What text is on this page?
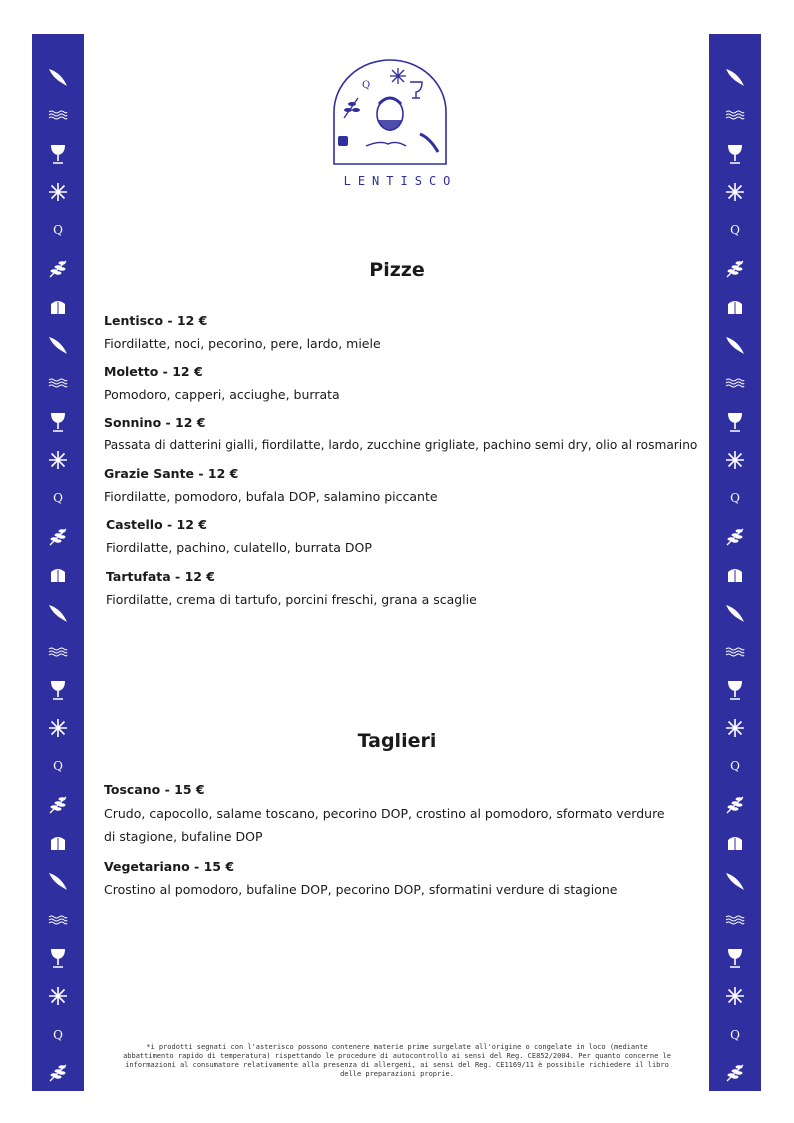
Q
Q
Q
Q
Q
Q
Q
Q
Q
LENTISCO
Pizze
Lentisco - 12 €
Fiordilatte, noci, pecorino, pere, lardo, miele
Moletto - 12 €
Pomodoro, capperi, acciughe, burrata
Sonnino - 12 €
Passata di datterini gialli, fiordilatte, lardo, zucchine grigliate, pachino semi dry, olio al rosmarino
Grazie Sante - 12 €
Fiordilatte, pomodoro, bufala DOP, salamino piccante
Castello - 12 €
Fiordilatte, pachino, culatello, burrata DOP
Tartufata - 12 €
Fiordilatte, crema di tartufo, porcini freschi, grana a scaglie
Taglieri
Toscano - 15 €
Crudo, capocollo, salame toscano, pecorino DOP, crostino al pomodoro, sformato verdure di stagione, bufaline DOP
Vegetariano - 15 €
Crostino al pomodoro, bufaline DOP, pecorino DOP, sformatini verdure di stagione
*i prodotti segnati con l'asterisco possono contenere materie prime surgelate all'origine o congelate in loco (mediante abbattimento rapido di temperatura) rispettando le procedure di autocontrollo ai sensi del Reg. CE852/2004. Per quanto concerne le informazioni al consumatore relativamente alla presenza di allergeni, ai sensi del Reg. CE1169/11 è possibile richiedere il libro delle preparazioni proprie.
